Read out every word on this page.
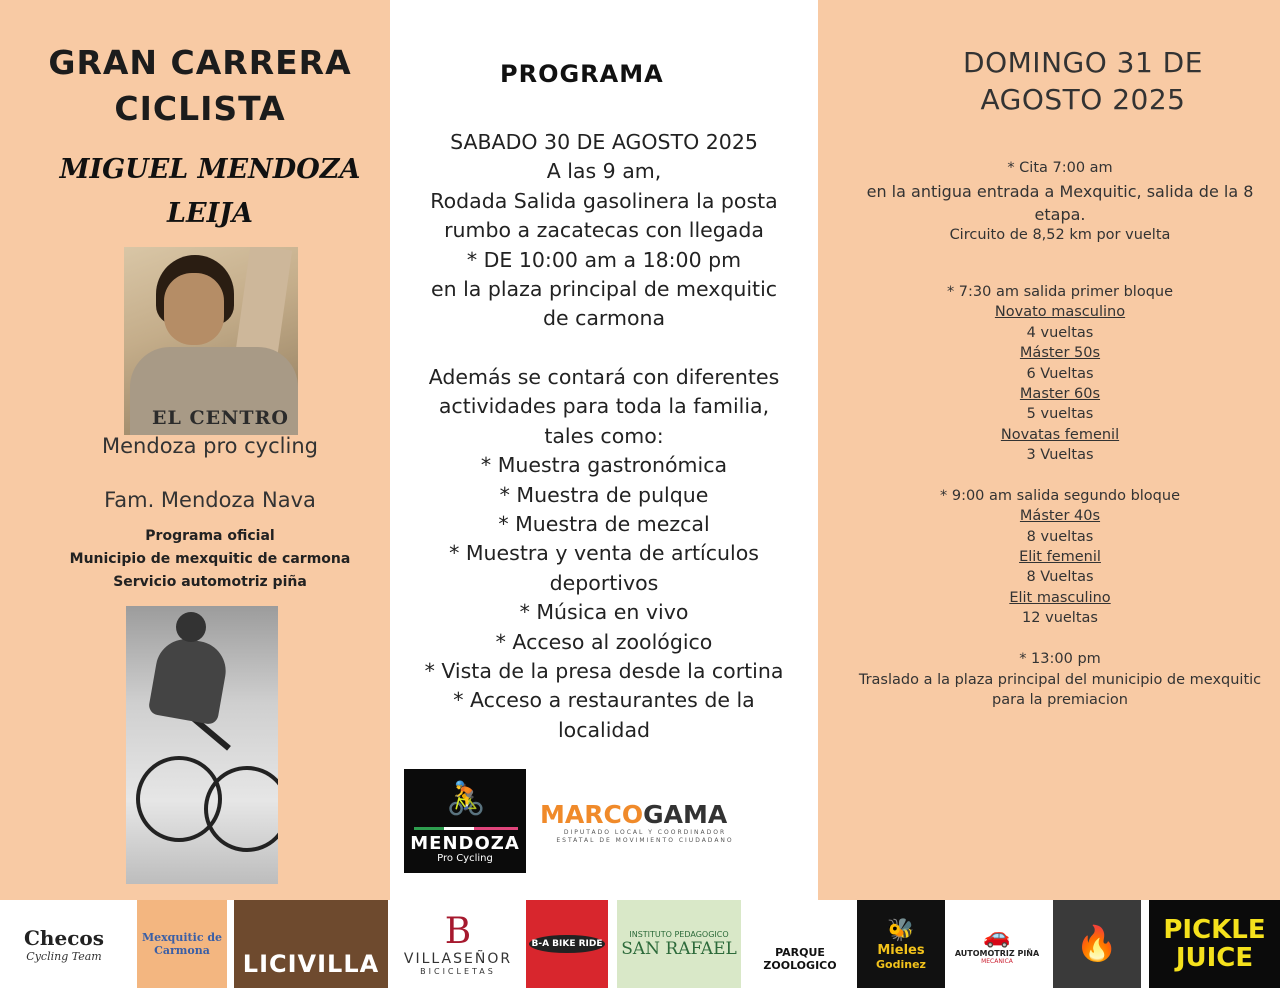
GRAN CARRERA
CICLISTA
MIGUEL MENDOZA
LEIJA
EL CENTRO
Mendoza pro cycling
Fam. Mendoza Nava
Programa oficial
Municipio de mexquitic de carmona
Servicio automotriz piña
PROGRAMA
SABADO 30 DE AGOSTO 2025
A las 9 am,
Rodada Salida gasolinera la posta
rumbo a zacatecas con llegada
* DE 10:00 am a 18:00 pm
en la plaza principal de mexquitic
de carmona
Además se contará con diferentes
actividades para toda la familia,
tales como:
* Muestra gastronómica
* Muestra de pulque
* Muestra de mezcal
* Muestra y venta de artículos
deportivos
* Música en vivo
* Acceso al zoológico
* Vista de la presa desde la cortina
* Acceso a restaurantes de la
localidad
🚴
MENDOZA
Pro Cycling
MARCOGAMA
DIPUTADO LOCAL Y COORDINADOR
ESTATAL DE MOVIMIENTO CIUDADANO
DOMINGO 31 DE
AGOSTO 2025
* Cita 7:00 am
en la antigua entrada a Mexquitic, salida de la 8
etapa.
Circuito de 8,52 km por vuelta
* 7:30 am salida primer bloque
Novato masculino
4 vueltas
Máster 50s
6 Vueltas
Master 60s
5 vueltas
Novatas femenil
3 Vueltas
* 9:00 am salida segundo bloque
Máster 40s
8 vueltas
Elit femenil
8 Vueltas
Elit masculino
12 vueltas
* 13:00 pm
Traslado a la plaza principal del municipio de mexquitic
para la premiacion
Checos
Cycling Team
Mexquitic de Carmona	LICIVILLA
B
VILLASEÑOR
BICICLETAS
B-A BIKE RIDE
INSTITUTO PEDAGOGICO
SAN RAFAEL	PARQUE ZOOLOGICO
🐝
Mieles
Godinez
🚗
AUTOMOTRIZ PIÑA
MECANICA 🔥 PICKLE
JUICE
